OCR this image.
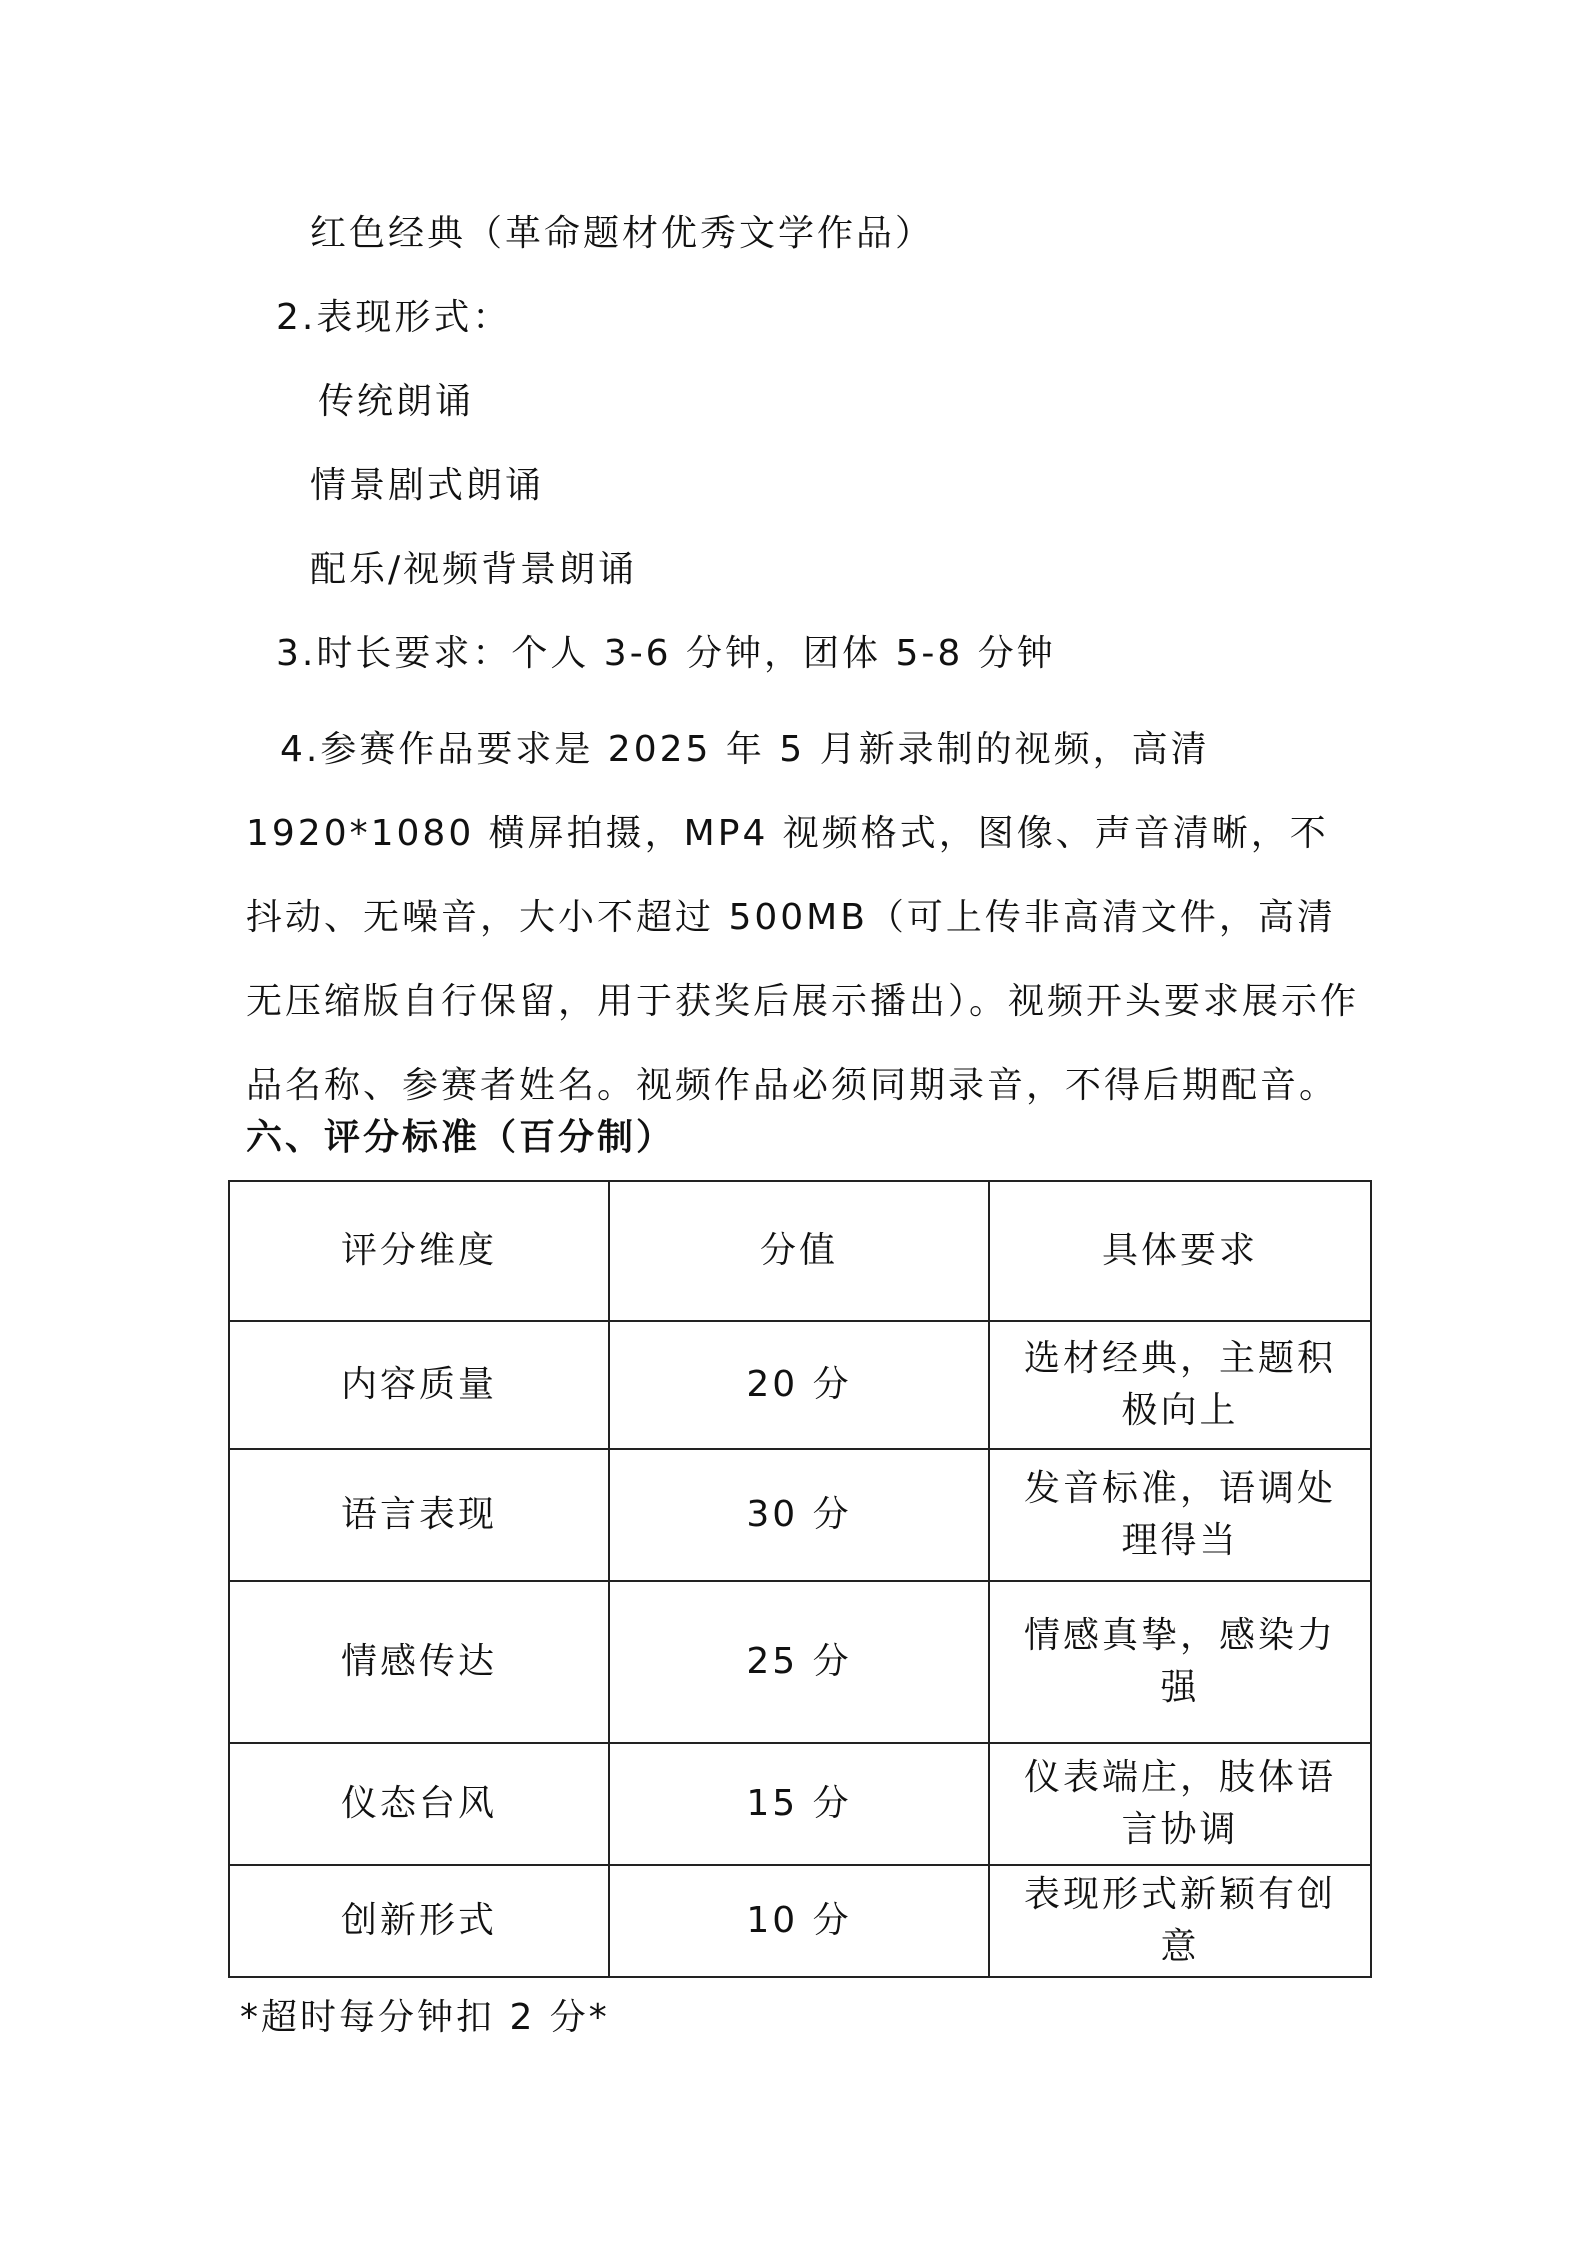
红色经典（革命题材优秀文学作品）
2.表现形式：
传统朗诵
情景剧式朗诵
配乐/视频背景朗诵
3.时长要求：个人 3-6 分钟，团体 5-8 分钟
4.参赛作品要求是 2025 年 5 月新录制的视频，高清 1920*1080 横屏拍摄，MP4 视频格式，图像、声音清晰，不抖动、无噪音，大小不超过 500MB（可上传非高清文件，高清无压缩版自行保留，用于获奖后展示播出）。视频开头要求展示作品名称、参赛者姓名。视频作品必须同期录音，不得后期配音。
六、评分标准（百分制）
评分维度	分值	具体要求
内容质量	20 分	选材经典，主题积极向上
语言表现	30 分	发音标准，语调处理得当
情感传达	25 分	情感真挚，感染力强
仪态台风	15 分	仪表端庄，肢体语言协调
创新形式	10 分	表现形式新颖有创意
*超时每分钟扣 2 分*
